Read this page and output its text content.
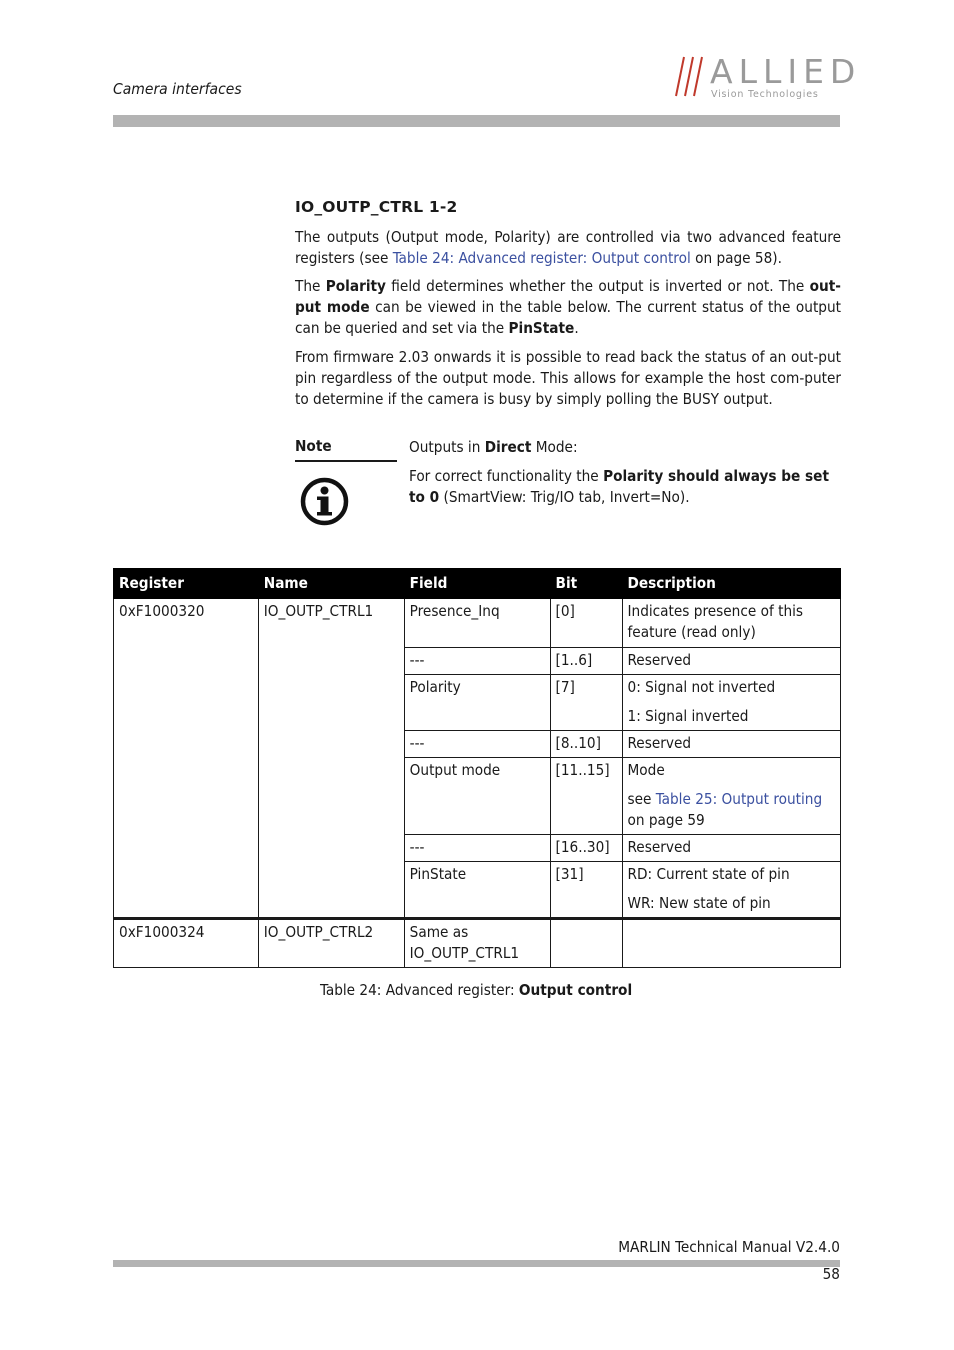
Camera interfaces	ALLIED
Vision Technologies
IO_OUTP_CTRL 1-2
The outputs (Output mode, Polarity) are controlled via two advanced feature registers (see Table 24: Advanced register: Output control on page 58).
The Polarity field determines whether the output is inverted or not. The out-put mode can be viewed in the table below. The current status of the output can be queried and set via the PinState.
From firmware 2.03 onwards it is possible to read back the status of an out-put pin regardless of the output mode. This allows for example the host com-puter to determine if the camera is busy by simply polling the BUSY output.
Note	Outputs in Direct Mode:
For correct functionality the Polarity should always be set to 0 (SmartView: Trig/IO tab, Invert=No).
Register	Name	Field	Bit	Description
0xF1000320	IO_OUTP_CTRL1	Presence_Inq	[0]	Indicates presence of this feature (read only)
		---	[1..6]	Reserved
		Polarity	[7]	0: Signal not inverted
1: Signal inverted

		---	[8..10]	Reserved
		Output mode	[11..15]	Mode
see Table 25: Output routing on page 59

		---	[16..30]	Reserved
		PinState	[31]	RD: Current state of pin
WR: New state of pin

0xF1000324	IO_OUTP_CTRL2	Same as IO_OUTP_CTRL1		
Table 24: Advanced register: Output control
MARLIN Technical Manual V2.4.0
58
